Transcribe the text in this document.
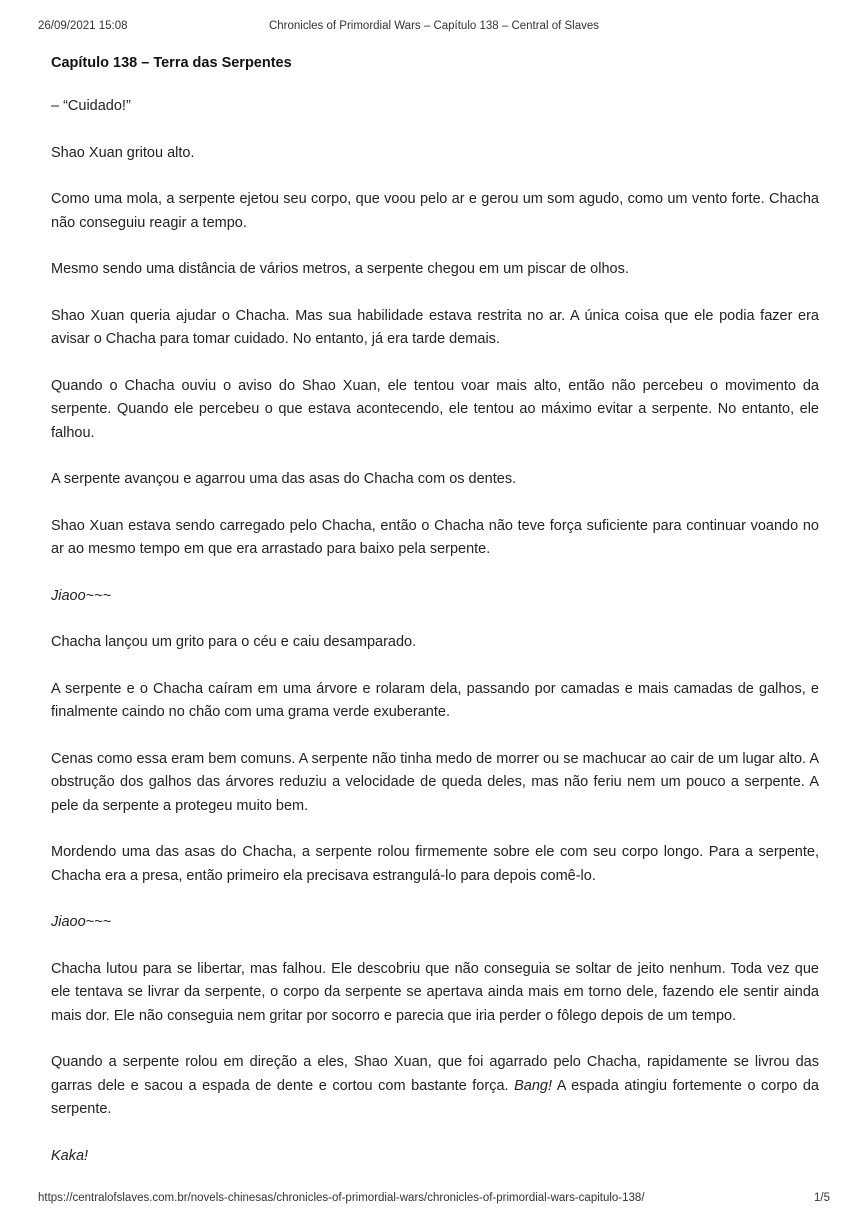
26/09/2021 15:08	Chronicles of Primordial Wars – Capítulo 138 – Central of Slaves
Capítulo 138 – Terra das Serpentes

– “Cuidado!”

Shao Xuan gritou alto.

Como uma mola, a serpente ejetou seu corpo, que voou pelo ar e gerou um som agudo, como um vento forte. Chacha não conseguiu reagir a tempo.

Mesmo sendo uma distância de vários metros, a serpente chegou em um piscar de olhos.

Shao Xuan queria ajudar o Chacha. Mas sua habilidade estava restrita no ar. A única coisa que ele podia fazer era avisar o Chacha para tomar cuidado. No entanto, já era tarde demais.

Quando o Chacha ouviu o aviso do Shao Xuan, ele tentou voar mais alto, então não percebeu o movimento da serpente. Quando ele percebeu o que estava acontecendo, ele tentou ao máximo evitar a serpente. No entanto, ele falhou.

A serpente avançou e agarrou uma das asas do Chacha com os dentes.

Shao Xuan estava sendo carregado pelo Chacha, então o Chacha não teve força suficiente para continuar voando no ar ao mesmo tempo em que era arrastado para baixo pela serpente.

Jiaoo~~~

Chacha lançou um grito para o céu e caiu desamparado.

A serpente e o Chacha caíram em uma árvore e rolaram dela, passando por camadas e mais camadas de galhos, e finalmente caindo no chão com uma grama verde exuberante.

Cenas como essa eram bem comuns. A serpente não tinha medo de morrer ou se machucar ao cair de um lugar alto. A obstrução dos galhos das árvores reduziu a velocidade de queda deles, mas não feriu nem um pouco a serpente. A pele da serpente a protegeu muito bem.

Mordendo uma das asas do Chacha, a serpente rolou firmemente sobre ele com seu corpo longo. Para a serpente, Chacha era a presa, então primeiro ela precisava estrangulá-lo para depois comê-lo.

Jiaoo~~~

Chacha lutou para se libertar, mas falhou. Ele descobriu que não conseguia se soltar de jeito nenhum. Toda vez que ele tentava se livrar da serpente, o corpo da serpente se apertava ainda mais em torno dele, fazendo ele sentir ainda mais dor. Ele não conseguia nem gritar por socorro e parecia que iria perder o fôlego depois de um tempo.

Quando a serpente rolou em direção a eles, Shao Xuan, que foi agarrado pelo Chacha, rapidamente se livrou das garras dele e sacou a espada de dente e cortou com bastante força. Bang! A espada atingiu fortemente o corpo da serpente.

Kaka!

https://centralofslaves.com.br/novels-chinesas/chronicles-of-primordial-wars/chronicles-of-primordial-wars-capitulo-138/	1/5
